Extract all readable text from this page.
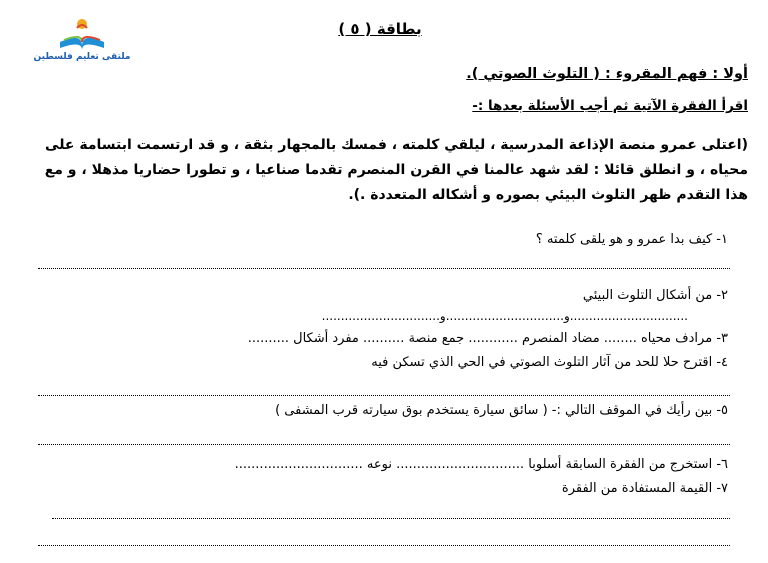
ملتقى تعليم فلسطين
بطاقة ( ٥ )
أولا : فهم المقروء : ( التلوث الصوتي ).
اقرأ الفقرة الآتية ثم أجب الأسئلة بعدها :-
(اعتلى عمرو منصة الإذاعة المدرسية ، ليلقي كلمته ، فمسك بالمجهار بثقة ، و قد ارتسمت ابتسامة على محياه ، و انطلق قائلا : لقد شهد عالمنا في القرن المنصرم تقدما صناعيا ، و تطورا حضاريا مذهلا ، و مع هذا التقدم ظهر التلوث البيئي بصوره و أشكاله المتعددة .).
١- كيف بدا عمرو و هو يلقى كلمته ؟
٢- من أشكال التلوث البيئي
...............................و...............................و...............................
٣- مرادف محياه ........ مضاد المنصرم ............ جمع منصة .......... مفرد أشكال ..........
٤- اقترح حلا للحد من آثار التلوث الصوتي في الحي الذي تسكن فيه
٥- بين رأيك في الموقف التالي :- ( سائق سيارة يستخدم بوق سيارته قرب المشفى )
٦- استخرج من الفقرة السابقة أسلوبا ............................... نوعه ...............................
٧- القيمة المستفادة من الفقرة
